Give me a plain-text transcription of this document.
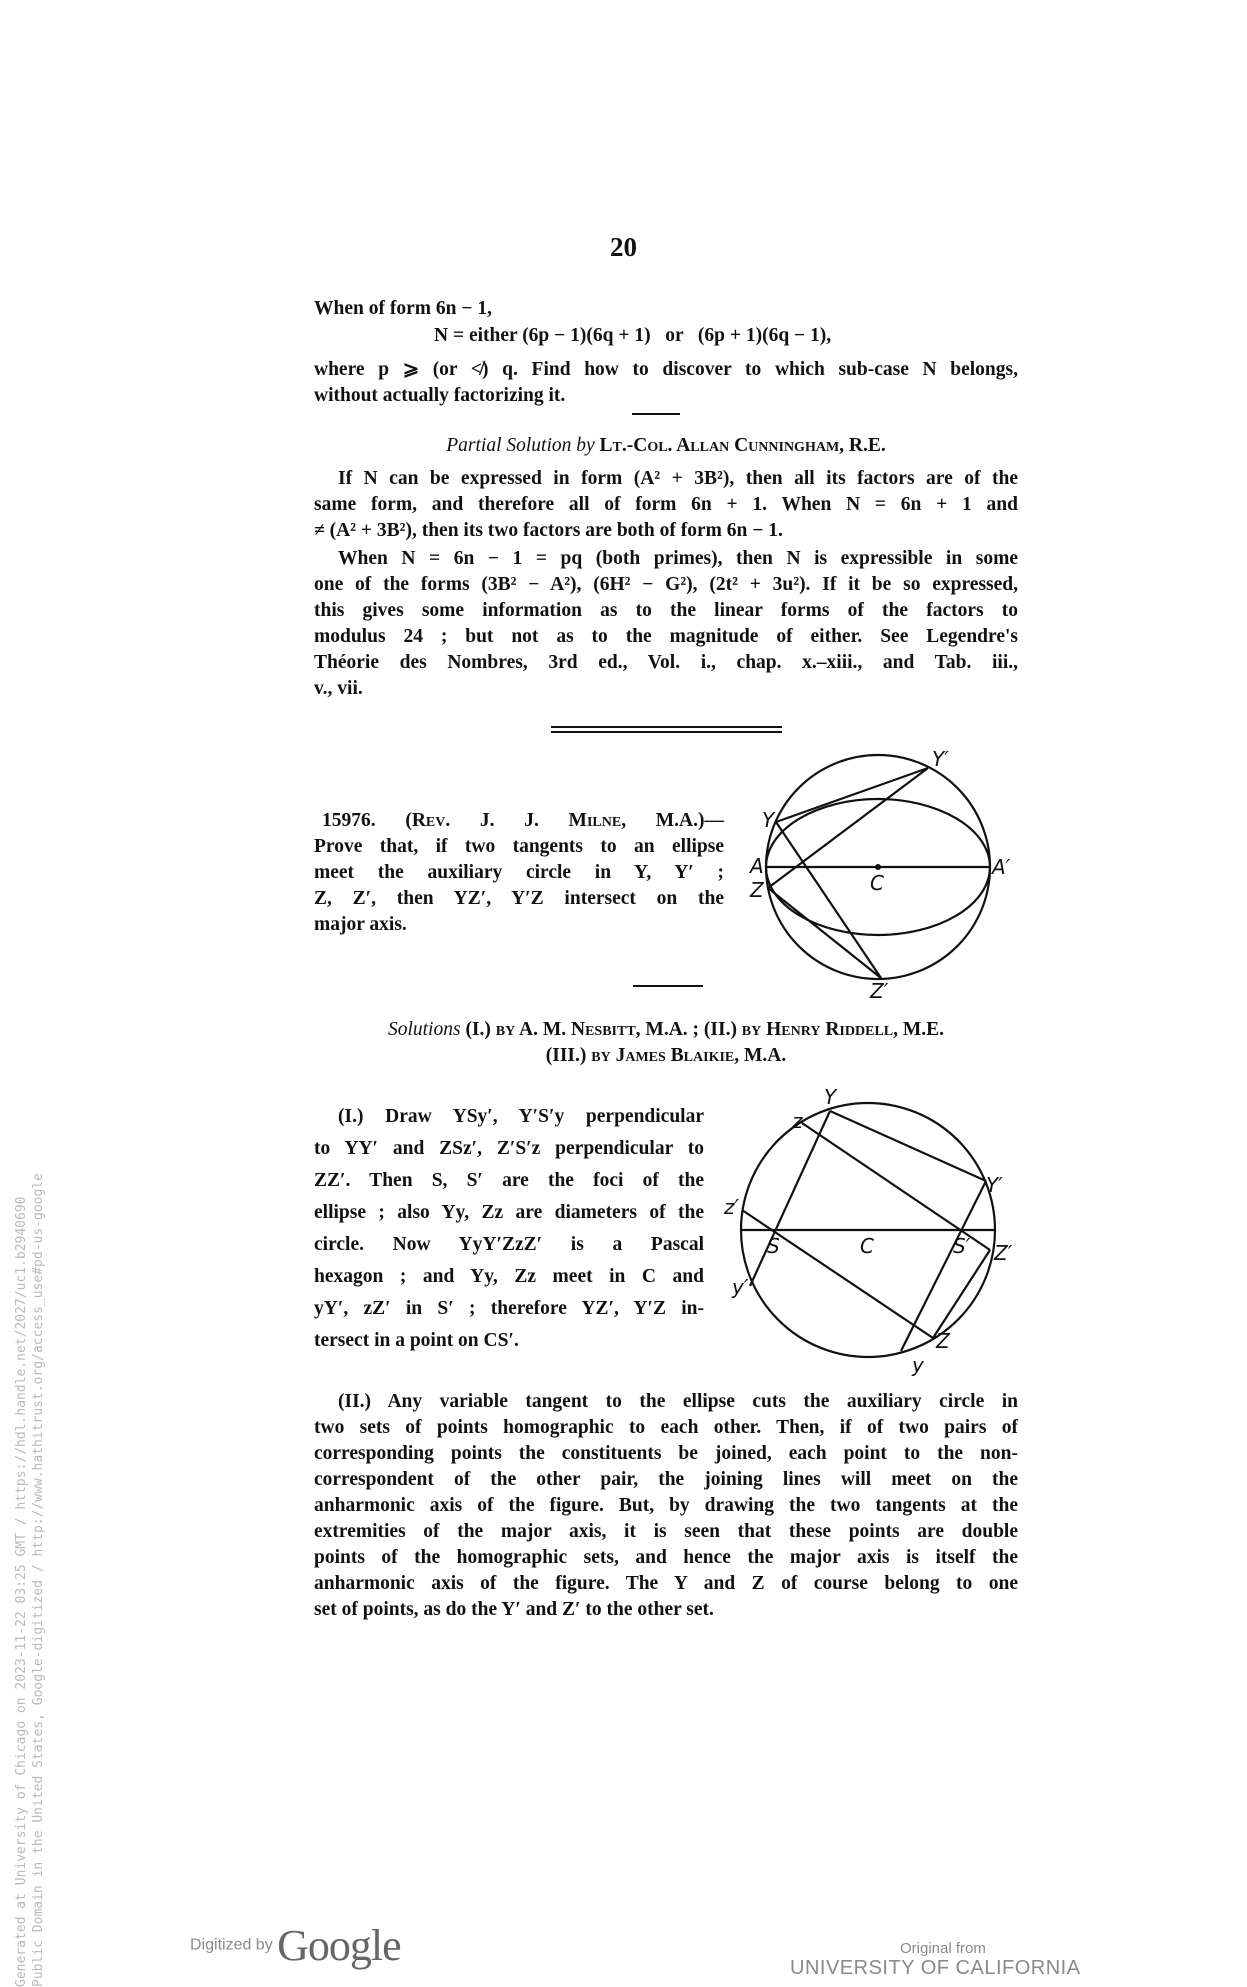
20
When of form 6n − 1,
N = either (6p − 1)(6q + 1)   or   (6p + 1)(6q − 1),
where p ⩾ (or ≮) q. Find how to discover to which sub-case N belongs,
without actually factorizing it.
Partial Solution by Lt.-Col. Allan Cunningham, R.E.
If N can be expressed in form (A² + 3B²), then all its factors are of the
same form, and therefore all of form 6n + 1. When N = 6n + 1 and
≠ (A² + 3B²), then its two factors are both of form 6n − 1.
When N = 6n − 1 = pq (both primes), then N is expressible in some
one of the forms (3B² − A²), (6H² − G²), (2t² + 3u²). If it be so expressed,
this gives some information as to the linear forms of the factors to
modulus 24 ; but not as to the magnitude of either. See Legendre's
Théorie des Nombres, 3rd ed., Vol. i., chap. x.–xiii., and Tab. iii.,
v., vii.
15976. (Rev. J. J. Milne, M.A.)—
Prove that, if two tangents to an ellipse
meet the auxiliary circle in Y, Y′ ;
Z, Z′, then YZ′, Y′Z intersect on the
major axis.
Y′
Y
A	A′
C
Z
Z′
Solutions (I.) by A. M. Nesbitt, M.A. ; (II.) by Henry Riddell, M.E.
(III.) by James Blaikie, M.A.
(I.) Draw YSy′, Y′S′y perpendicular
to YY′ and ZSz′, Z′S′z perpendicular to
ZZ′. Then S, S′ are the foci of the
ellipse ; also Yy, Zz are diameters of the
circle. Now YyY′ZzZ′ is a Pascal
hexagon ; and Yy, Zz meet in C and
yY′, zZ′ in S′ ; therefore YZ′, Y′Z in-
tersect in a point on CS′.
Y
z
Y′
z′
S	C	S′ Z′
y′
Z
y
(II.) Any variable tangent to the ellipse cuts the auxiliary circle in
two sets of points homographic to each other. Then, if of two pairs of
corresponding points the constituents be joined, each point to the non-
correspondent of the other pair, the joining lines will meet on the
anharmonic axis of the figure. But, by drawing the two tangents at the
extremities of the major axis, it is seen that these points are double
points of the homographic sets, and hence the major axis is itself the
anharmonic axis of the figure. The Y and Z of course belong to one
set of points, as do the Y′ and Z′ to the other set.
Generated at University of Chicago on 2023-11-22 03:25 GMT / https://hdl.handle.net/2027/uc1.b2940690 Public Domain in the United States, Google-digitized / http://www.hathitrust.org/access_use#pd-us-google	Digitized by Google	Original from
UNIVERSITY OF CALIFORNIA
